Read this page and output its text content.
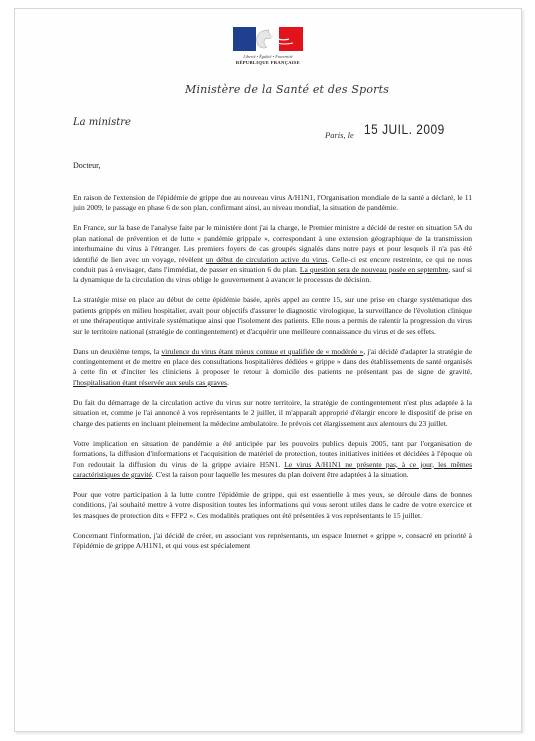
Liberté • Égalité • Fraternité
RÉPUBLIQUE FRANÇAISE
Ministère de la Santé et des Sports
La ministre
Paris, le 15 JUIL. 2009
Docteur,

En raison de l'extension de l'épidémie de grippe due au nouveau virus A/H1N1, l'Organisation mondiale de la santé a déclaré, le 11 juin 2009, le passage en phase 6 de son plan, confirmant ainsi, au niveau mondial, la situation de pandémie.

En France, sur la base de l'analyse faite par le ministère dont j'ai la charge, le Premier ministre a décidé de rester en situation 5A du plan national de prévention et de lutte « pandémie grippale », correspondant à une extension géographique de la transmission interhumaine du virus à l'étranger. Les premiers foyers de cas groupés signalés dans notre pays et pour lesquels il n'a pas été identifié de lien avec un voyage, révèlent un début de circulation active du virus. Celle-ci est encore restreinte, ce qui ne nous conduit pas à envisager, dans l'immédiat, de passer en situation 6 du plan. La question sera de nouveau posée en septembre, sauf si la dynamique de la circulation du virus oblige le gouvernement à avancer le processus de décision.

La stratégie mise en place au début de cette épidémie basée, après appel au centre 15, sur une prise en charge systématique des patients grippés en milieu hospitalier, avait pour objectifs d'assurer le diagnostic virologique, la surveillance de l'évolution clinique et une thérapeutique antivirale systématique ainsi que l'isolement des patients. Elle nous a permis de ralentir la progression du virus sur le territoire national (stratégie de contingentement) et d'acquérir une meilleure connaissance du virus et de ses effets.

Dans un deuxième temps, la virulence du virus étant mieux connue et qualifiée de « modérée », j'ai décidé d'adapter la stratégie de contingentement et de mettre en place des consultations hospitalières dédiées « grippe » dans des établissements de santé organisés à cette fin et d'inciter les cliniciens à proposer le retour à domicile des patients ne présentant pas de signe de gravité, l'hospitalisation étant réservée aux seuls cas graves.

Du fait du démarrage de la circulation active du virus sur notre territoire, la stratégie de contingentement n'est plus adaptée à la situation et, comme je l'ai annoncé à vos représentants le 2 juillet, il m'apparaît approprié d'élargir encore le dispositif de prise en charge des patients en incluant pleinement la médecine ambulatoire. Je prévois cet élargissement aux alentours du 23 juillet.

Votre implication en situation de pandémie a été anticipée par les pouvoirs publics depuis 2005, tant par l'organisation de formations, la diffusion d'informations et l'acquisition de matériel de protection, toutes initiatives initiées et décidées à l'époque où l'on redoutait la diffusion du virus de la grippe aviaire H5N1. Le virus A/H1N1 ne présente pas, à ce jour, les mêmes caractéristiques de gravité. C'est la raison pour laquelle les mesures du plan doivent être adaptées à la situation.

Pour que votre participation à la lutte contre l'épidémie de grippe, qui est essentielle à mes yeux, se déroule dans de bonnes conditions, j'ai souhaité mettre à votre disposition toutes les informations qui vous seront utiles dans le cadre de votre exercice et les masques de protection dits « FFP2 ». Ces modalités pratiques ont été présentées à vos représentants le 15 juillet.

Concernant l'information, j'ai décidé de créer, en associant vos représentants, un espace Internet « grippe », consacré en priorité à l'épidémie de grippe A/H1N1, et qui vous est spécialement
